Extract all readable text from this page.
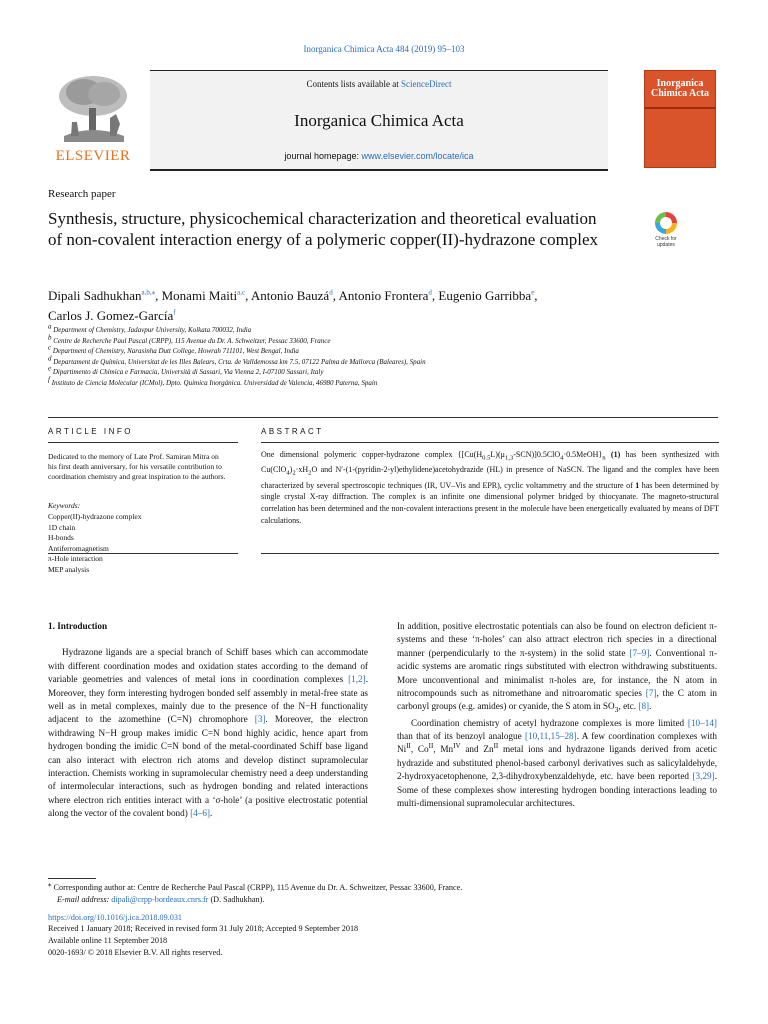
Inorganica Chimica Acta 484 (2019) 95–103
ELSEVIER
Contents lists available at ScienceDirect
Inorganica Chimica Acta
journal homepage: www.elsevier.com/locate/ica
Inorganica
Chimica Acta
Research paper
Synthesis, structure, physicochemical characterization and theoretical evaluation of non-covalent interaction energy of a polymeric copper(II)-hydrazone complex	Check for updates
Dipali Sadhukhan$^{a,b,⁎}$, Monami Maiti$^{a,c}$, Antonio Bauzá$^d$, Antonio Frontera$^d$, Eugenio Garribba$^e$,
Carlos J. Gomez-García$^f$
$^a$ Department of Chemistry, Jadavpur University, Kolkata 700032, India
$^b$ Centre de Recherche Paul Pascal (CRPP), 115 Avenue du Dr. A. Schweitzer, Pessac 33600, France
$^c$ Department of Chemistry, Narasinha Dutt College, Howrah 711101, West Bengal, India
$^d$ Departament de Química, Universitat de les Illes Balears, Crta. de Valldemossa km 7.5, 07122 Palma de Mallorca (Baleares), Spain
$^e$ Dipartimento di Chimica e Farmacia, Università di Sassari, Via Vienna 2, I-07100 Sassari, Italy
$^f$ Instituto de Ciencia Molecular (ICMol), Dpto. Química Inorgánica. Universidad de Valencia, 46980 Paterna, Spain
ARTICLE INFO	ABSTRACT
Dedicated to the memory of Late Prof. Samiran Mitra on his first death anniversary, for his versatile contribution to coordination chemistry and great inspiration to the authors.
Keywords:
Copper(II)-hydrazone complex
1D chain
H-bonds
Antiferromagnetism
π-Hole interaction
MEP analysis
One dimensional polymeric copper-hydrazone complex $\{[Cu(H_{0.5}L)(\mu_{1,3}-SCN)]0.5ClO_4\cdot 0.5MeOH\}_n$ (1) has been synthesized with $Cu(ClO_4)_2\cdot xH_2O$ and N′-(1-(pyridin-2-yl)ethylidene)acetohydrazide (HL) in presence of NaSCN. The ligand and the complex have been characterized by several spectroscopic techniques (IR, UV–Vis and EPR), cyclic voltammetry and the structure of 1 has been determined by single crystal X-ray diffraction. The complex is an infinite one dimensional polymer bridged by thiocyanate. The magneto-structural correlation has been determined and the non-covalent interactions present in the molecule have been energetically evaluated by means of DFT calculations.

1. Introduction

Hydrazone ligands are a special branch of Schiff bases which can accommodate with different coordination modes and oxidation states according to the demand of variable geometries and valences of metal ions in coordination complexes [1,2]. Moreover, they form interesting hydrogen bonded self assembly in metal-free state as well as in metal complexes, mainly due to the presence of the N−H functionality adjacent to the azomethine (C=N) chromophore [3]. Moreover, the electron withdrawing N−H group makes imidic C=N bond highly acidic, hence apart from hydrogen bonding the imidic C=N bond of the metal-coordinated Schiff base ligand can also interact with electron rich atoms and develop distinct supramolecular interaction. Chemists working in supramolecular chemistry need a deep understanding of intermolecular interactions, such as hydrogen bonding and related interactions where electron rich entities interact with a ‘σ-hole’ (a positive electrostatic potential along the vector of the covalent bond) [4–6].

In addition, positive electrostatic potentials can also be found on electron deficient π-systems and these ‘π-holes’ can also attract electron rich species in a directional manner (perpendicularly to the π-system) in the solid state [7–9]. Conventional π-acidic systems are aromatic rings substituted with electron withdrawing substituents. More unconventional and minimalist π-holes are, for instance, the N atom in nitrocompounds such as nitromethane and nitroaromatic species [7], the C atom in carbonyl groups (e.g. amides) or cyanide, the S atom in $SO_3$, etc. [8].

Coordination chemistry of acetyl hydrazone complexes is more limited [10–14] than that of its benzoyl analogue [10,11,15–28]. A few coordination complexes with $Ni^{II}$, $Co^{II}$, $Mn^{IV}$ and $Zn^{II}$ metal ions and hydrazone ligands derived from acetic hydrazide and substituted phenol-based carbonyl derivatives such as salicylaldehyde, 2-hydroxyacetophenone, 2,3-dihydroxybenzaldehyde, etc. have been reported [3,29]. Some of these complexes show interesting hydrogen bonding interactions leading to multi-dimensional supramolecular architectures.

⁎ Corresponding author at: Centre de Recherche Paul Pascal (CRPP), 115 Avenue du Dr. A. Schweitzer, Pessac 33600, France.
E-mail address: dipali@crpp-bordeaux.cnrs.fr (D. Sadhukhan).
https://doi.org/10.1016/j.ica.2018.09.031
Received 1 January 2018; Received in revised form 31 July 2018; Accepted 9 September 2018
Available online 11 September 2018
0020-1693/ © 2018 Elsevier B.V. All rights reserved.
